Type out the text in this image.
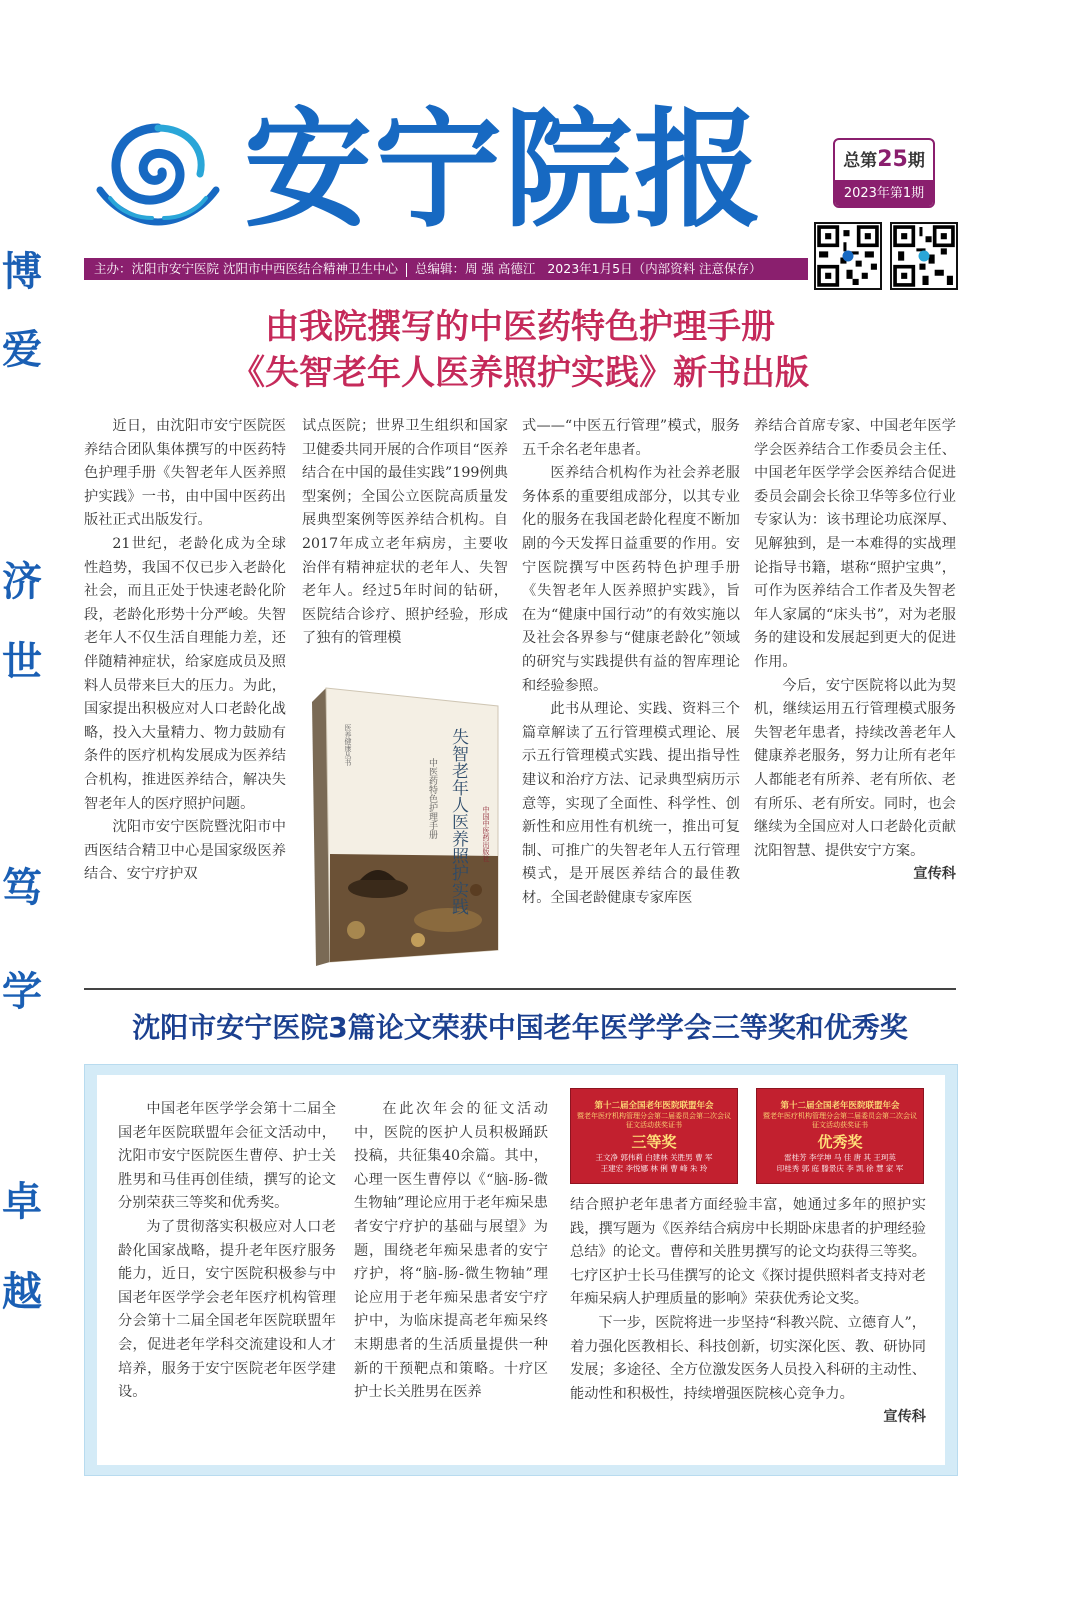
博
爱
济
世
笃
学
卓
越
安宁院报	总第25期
2023年第1期
主办：沈阳市安宁医院 沈阳市中西医结合精神卫生中心 总编辑：周 强 高德江 2023年1月5日（内部资料 注意保存）
由我院撰写的中医药特色护理手册
《失智老年人医养照护实践》新书出版

近日，由沈阳市安宁医院医养结合团队集体撰写的中医药特色护理手册《失智老年人医养照护实践》一书，由中国中医药出版社正式出版发行。

21世纪，老龄化成为全球性趋势，我国不仅已步入老龄化社会，而且正处于快速老龄化阶段，老龄化形势十分严峻。失智老年人不仅生活自理能力差，还伴随精神症状，给家庭成员及照料人员带来巨大的压力。为此，国家提出积极应对人口老龄化战略，投入大量精力、物力鼓励有条件的医疗机构发展成为医养结合机构，推进医养结合，解决失智老年人的医疗照护问题。

沈阳市安宁医院暨沈阳市中西医结合精卫中心是国家级医养结合、安宁疗护双

试点医院；世界卫生组织和国家卫健委共同开展的合作项目“医养结合在中国的最佳实践”199例典型案例；全国公立医院高质量发展典型案例等医养结合机构。自2017年成立老年病房，主要收治伴有精神症状的老年人、失智老年人。经过5年时间的钻研，医院结合诊疗、照护经验，形成了独有的管理模

式——“中医五行管理”模式，服务五千余名老年患者。

医养结合机构作为社会养老服务体系的重要组成部分，以其专业化的服务在我国老龄化程度不断加剧的今天发挥日益重要的作用。安宁医院撰写中医药特色护理手册《失智老年人医养照护实践》，旨在为“健康中国行动”的有效实施以及社会各界参与“健康老龄化”领域的研究与实践提供有益的智库理论和经验参照。

此书从理论、实践、资料三个篇章解读了五行管理模式理论、展示五行管理模式实践、提出指导性建议和治疗方法、记录典型病历示意等，实现了全面性、科学性、创新性和应用性有机统一，推出可复制、可推广的失智老年人五行管理模式，是开展医养结合的最佳教材。全国老龄健康专家库医

养结合首席专家、中国老年医学学会医养结合工作委员会主任、中国老年医学学会医养结合促进委员会副会长徐卫华等多位行业专家认为：该书理论功底深厚、见解独到，是一本难得的实战理论指导书籍，堪称“照护宝典”，可作为医养结合工作者及失智老年人家属的“床头书”，对为老服务的建设和发展起到更大的促进作用。

今后，安宁医院将以此为契机，继续运用五行管理模式服务失智老年患者，持续改善老年人健康养老服务，努力让所有老年人都能老有所养、老有所依、老有所乐、老有所安。同时，也会继续为全国应对人口老龄化贡献沈阳智慧、提供安宁方案。

宣传科

失智老年人医养照护实践
中医药特色护理手册
医养健康丛书
中国中医药出版社
沈阳市安宁医院3篇论文荣获中国老年医学学会三等奖和优秀奖

中国老年医学学会第十二届全国老年医院联盟年会征文活动中，沈阳市安宁医院医生曹停、护士关胜男和马佳再创佳绩，撰写的论文分别荣获三等奖和优秀奖。

为了贯彻落实积极应对人口老龄化国家战略，提升老年医疗服务能力，近日，安宁医院积极参与中国老年医学学会老年医疗机构管理分会第十二届全国老年医院联盟年会，促进老年学科交流建设和人才培养，服务于安宁医院老年医学建设。

在此次年会的征文活动中，医院的医护人员积极踊跃投稿，共征集40余篇。其中，心理一医生曹停以《“脑-肠-微生物轴”理论应用于老年痴呆患者安宁疗护的基础与展望》为题，围绕老年痴呆患者的安宁疗护，将“脑-肠-微生物轴”理论应用于老年痴呆患者安宁疗护中，为临床提高老年痴呆终末期患者的生活质量提供一种新的干预靶点和策略。十疗区护士长关胜男在医养

第十二届全国老年医院联盟年会
暨老年医疗机构管理分会第二届委员会第二次会议
征文活动获奖证书
三等奖
王文净 郭伟莉 白建林 关胜男 曹 军
王建宏 李悦娜 林 俐 曹 峰 朱 玲
第十二届全国老年医院联盟年会
暨老年医疗机构管理分会第二届委员会第二次会议
征文活动获奖证书
优秀奖
雷桂芳 李学坤 马 佳 唐 其 王珂英
印桂秀 郭 庭 滕景庆 李 凯 徐 慧 家 军

结合照护老年患者方面经验丰富，她通过多年的照护实践，撰写题为《医养结合病房中长期卧床患者的护理经验总结》的论文。曹停和关胜男撰写的论文均获得三等奖。七疗区护士长马佳撰写的论文《探讨提供照料者支持对老年痴呆病人护理质量的影响》荣获优秀论文奖。

下一步，医院将进一步坚持“科教兴院、立德育人”，着力强化医教相长、科技创新，切实深化医、教、研协同发展；多途径、全方位激发医务人员投入科研的主动性、能动性和积极性，持续增强医院核心竞争力。

宣传科
